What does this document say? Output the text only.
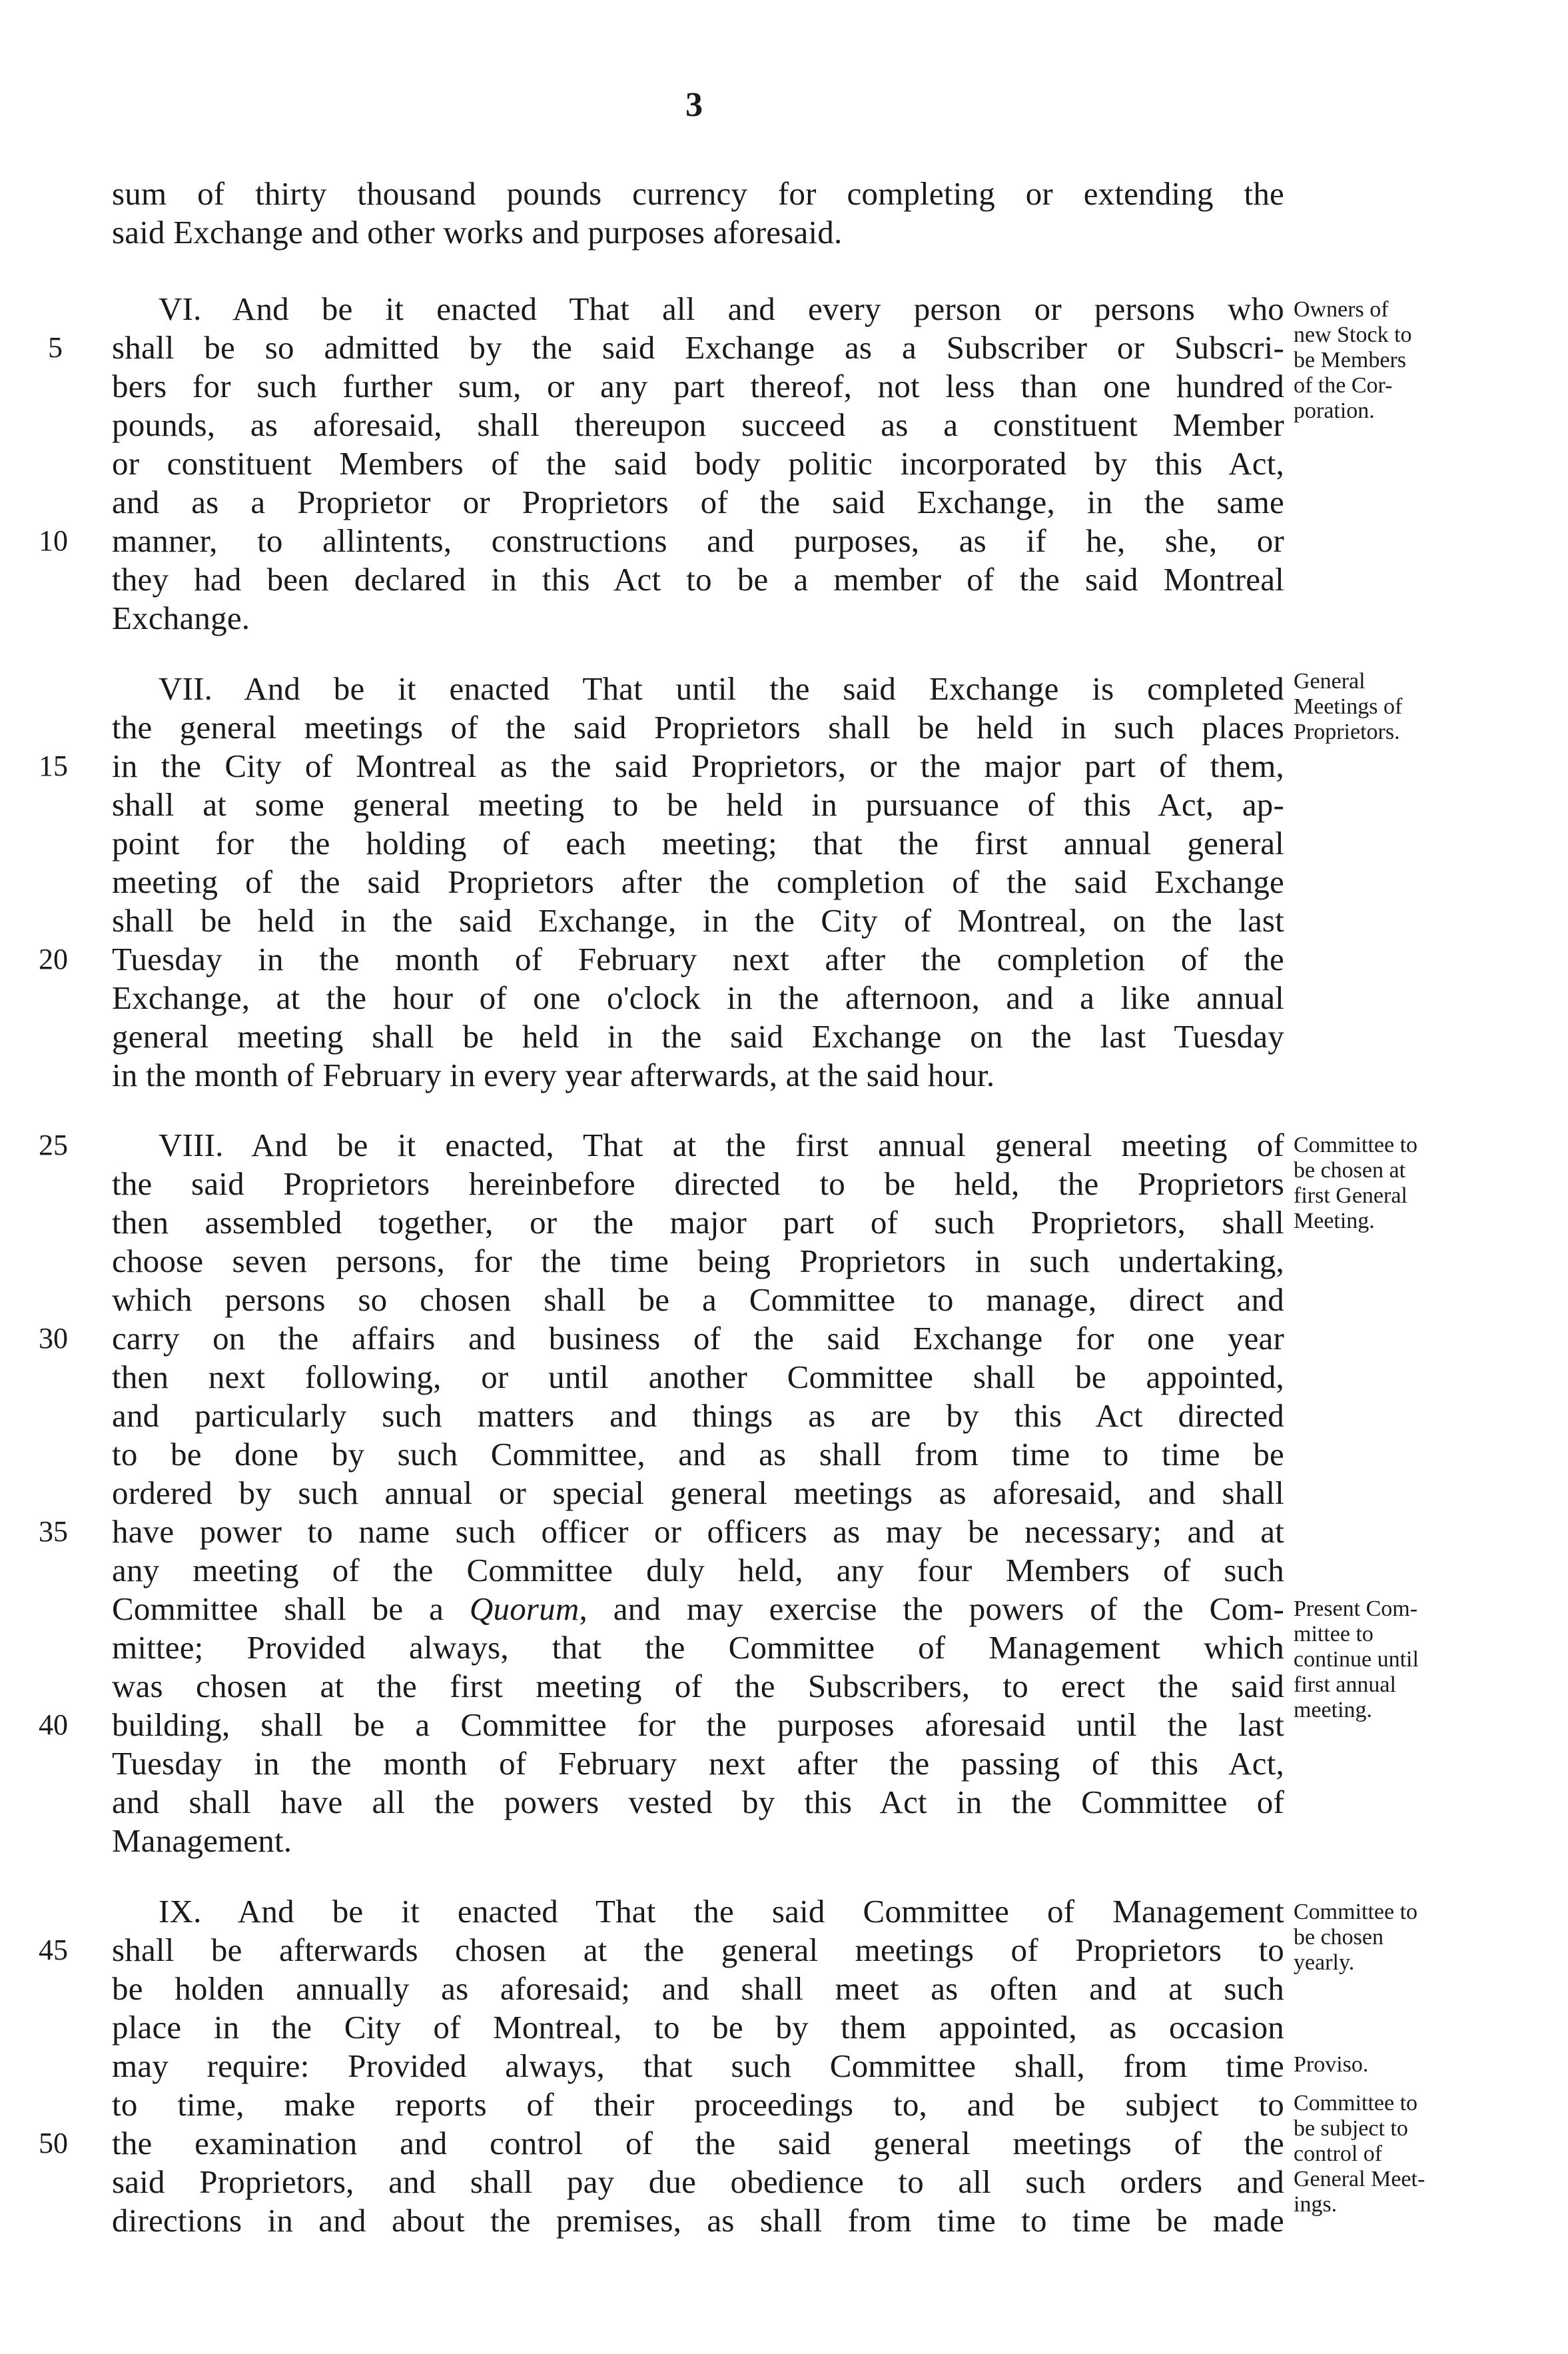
3
sum of thirty thousand pounds currency for completing or extending the
said Exchange and other works and purposes aforesaid.
VI. And be it enacted That all and every person or persons who
shall be so admitted by the said Exchange as a Subscriber or Subscri-
bers for such further sum, or any part thereof, not less than one hundred
pounds, as aforesaid, shall thereupon succeed as a constituent Member
or constituent Members of the said body politic incorporated by this Act,
and as a Proprietor or Proprietors of the said Exchange, in the same
manner, to allintents, constructions and purposes, as if he, she, or
they had been declared in this Act to be a member of the said Montreal
Exchange.
VII. And be it enacted That until the said Exchange is completed
the general meetings of the said Proprietors shall be held in such places
in the City of Montreal as the said Proprietors, or the major part of them,
shall at some general meeting to be held in pursuance of this Act, ap-
point for the holding of each meeting; that the first annual general
meeting of the said Proprietors after the completion of the said Exchange
shall be held in the said Exchange, in the City of Montreal, on the last
Tuesday in the month of February next after the completion of the
Exchange, at the hour of one o'clock in the afternoon, and a like annual
general meeting shall be held in the said Exchange on the last Tuesday
in the month of February in every year afterwards, at the said hour.
VIII. And be it enacted, That at the first annual general meeting of
the said Proprietors hereinbefore directed to be held, the Proprietors
then assembled together, or the major part of such Proprietors, shall
choose seven persons, for the time being Proprietors in such undertaking,
which persons so chosen shall be a Committee to manage, direct and
carry on the affairs and business of the said Exchange for one year
then next following, or until another Committee shall be appointed,
and particularly such matters and things as are by this Act directed
to be done by such Committee, and as shall from time to time be
ordered by such annual or special general meetings as aforesaid, and shall
have power to name such officer or officers as may be necessary; and at
any meeting of the Committee duly held, any four Members of such
Committee shall be a Quorum, and may exercise the powers of the Com-
mittee; Provided always, that the Committee of Management which
was chosen at the first meeting of the Subscribers, to erect the said
building, shall be a Committee for the purposes aforesaid until the last
Tuesday in the month of February next after the passing of this Act,
and shall have all the powers vested by this Act in the Committee of
Management.
IX. And be it enacted That the said Committee of Management
shall be afterwards chosen at the general meetings of Proprietors to
be holden annually as aforesaid; and shall meet as often and at such
place in the City of Montreal, to be by them appointed, as occasion
may require: Provided always, that such Committee shall, from time
to time, make reports of their proceedings to, and be subject to
the examination and control of the said general meetings of the
said Proprietors, and shall pay due obedience to all such orders and
directions in and about the premises, as shall from time to time be made
5
10
15
20
25
30
35
40
45
50
Owners of
new Stock to
be Members
of the Cor-
poration.
General
Meetings of
Proprietors.
Committee to
be chosen at
first General
Meeting.
Present Com-
mittee to
continue until
first annual
meeting.
Committee to
be chosen
yearly.
Proviso.
Committee to
be subject to
control of
General Meet-
ings.
